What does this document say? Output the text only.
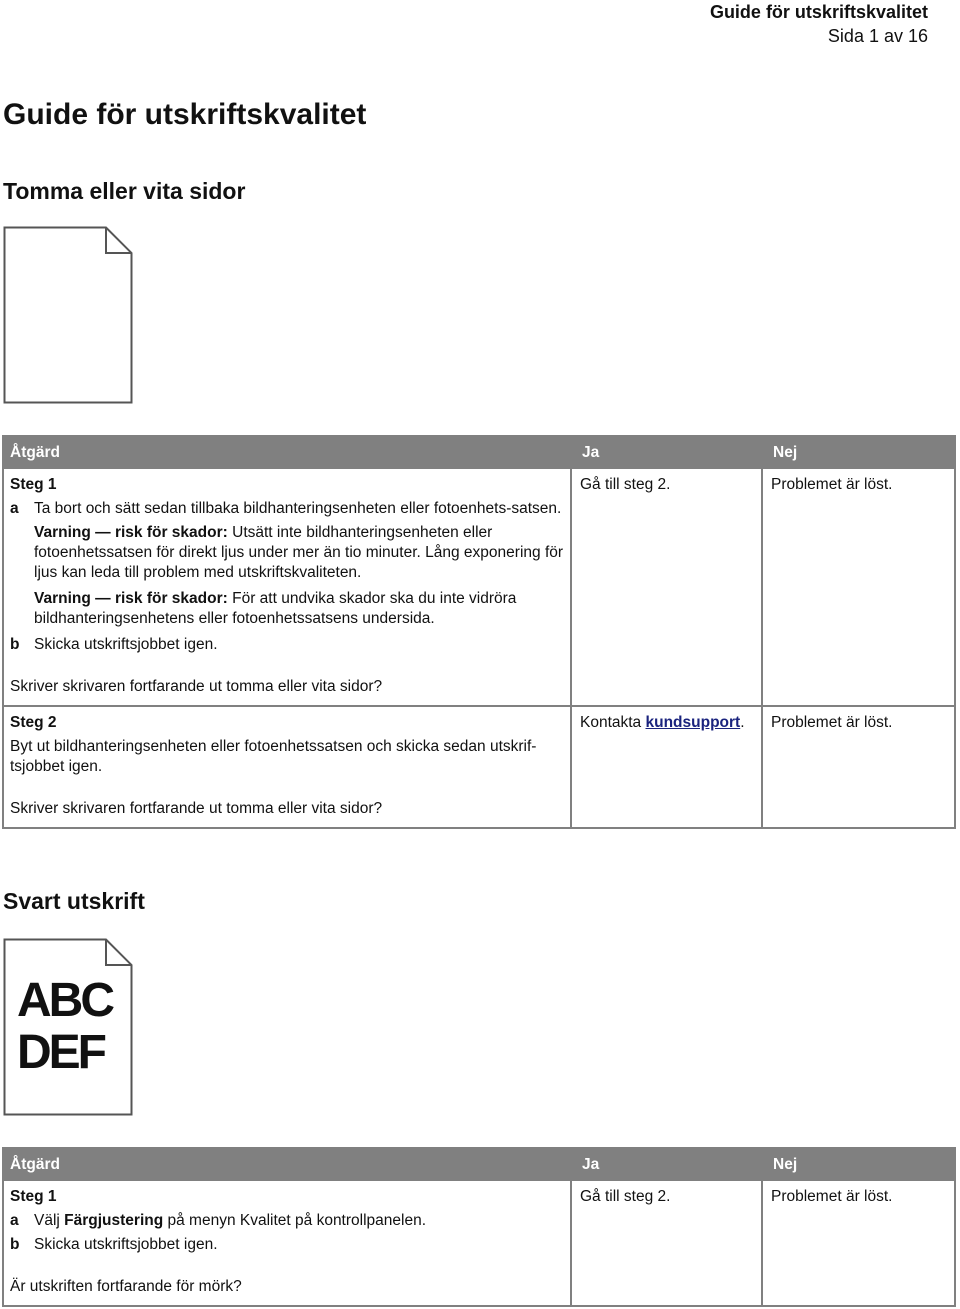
Guide för utskriftskvalitet
Sida 1 av 16
Guide för utskriftskvalitet
Tomma eller vita sidor
Åtgärd	Ja	Nej
Steg 1
a Ta bort och sätt sedan tillbaka bildhanteringsenheten eller fotoenhets-satsen.
Varning — risk för skador: Utsätt inte bildhanteringsenheten eller fotoenhetssatsen för direkt ljus under mer än tio minuter. Lång exponering för ljus kan leda till problem med utskriftskvaliteten.
Varning — risk för skador: För att undvika skador ska du inte vidröra bildhanteringsenhetens eller fotoenhetssatsens undersida.
b Skicka utskriftsjobbet igen.
Skriver skrivaren fortfarande ut tomma eller vita sidor?
Gå till steg 2.	Problemet är löst.
Steg 2
Byt ut bildhanteringsenheten eller fotoenhetssatsen och skicka sedan utskrif-tsjobbet igen.
Skriver skrivaren fortfarande ut tomma eller vita sidor?
Kontakta kundsupport.	Problemet är löst.
Svart utskrift
ABC
DEF
Åtgärd	Ja	Nej
Steg 1
a Välj Färgjustering på menyn Kvalitet på kontrollpanelen.
b Skicka utskriftsjobbet igen.
Är utskriften fortfarande för mörk?
Gå till steg 2.	Problemet är löst.
